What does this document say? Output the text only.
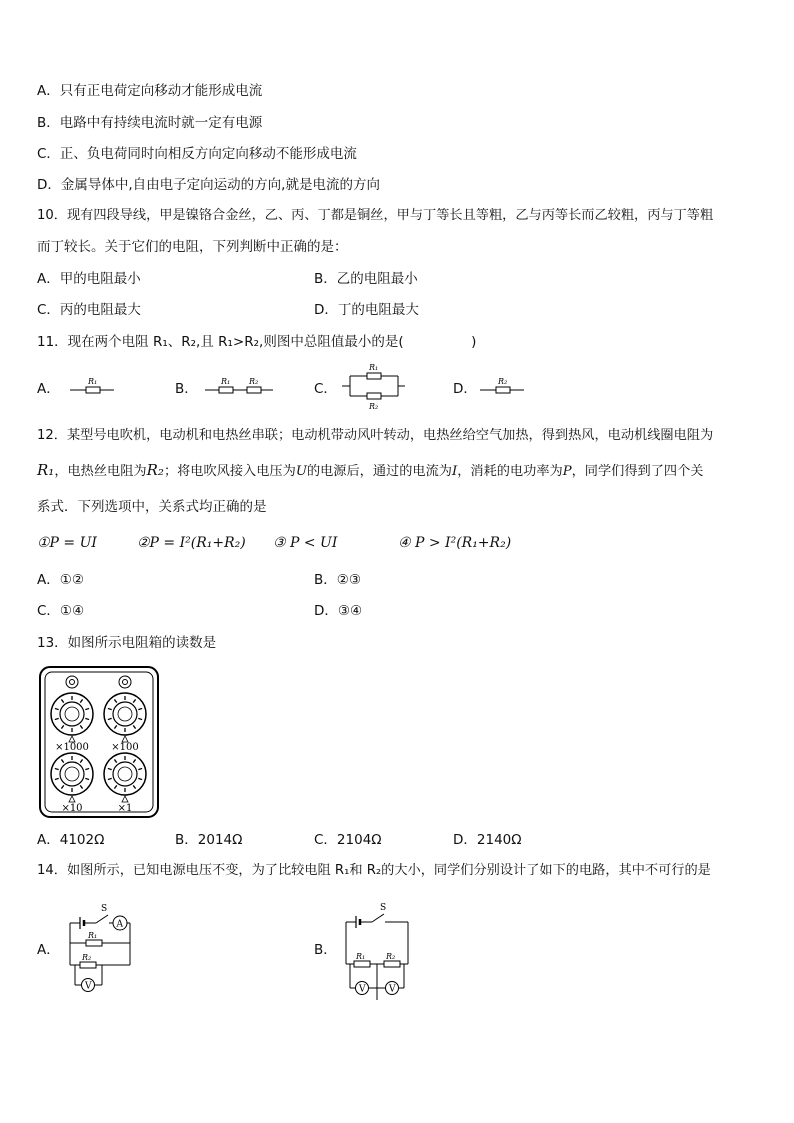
A．只有正电荷定向移动才能形成电流
B．电路中有持续电流时就一定有电源
C．正、负电荷同时向相反方向定向移动不能形成电流
D．金属导体中,自由电子定向运动的方向,就是电流的方向
10．现有四段导线，甲是镍铬合金丝，乙、丙、丁都是铜丝，甲与丁等长且等粗，乙与丙等长而乙较粗，丙与丁等粗
而丁较长。关于它们的电阻，下列判断中正确的是：
A．甲的电阻最小	B．乙的电阻最小
C．丙的电阻最大	D．丁的电阻最大
11．现在两个电阻 R₁、R₂,且 R₁>R₂,则图中总阻值最小的是(　　　　　)
A．	R₁	B．	R₁ R₂	C．
R₁
R₂
D．	R₂
12．某型号电吹机，电动机和电热丝串联；电动机带动风叶转动，电热丝给空气加热，得到热风，电动机线圈电阻为
R₁，电热丝电阻为R₂；将电吹风接入电压为U的电源后，通过的电流为I，消耗的电功率为P，同学们得到了四个关
系式．下列选项中，关系式均正确的是
①P = UI	②P = I²(R₁+R₂) ③ P < UI	④ P > I²(R₁+R₂)
A．①②	B．②③
C．①④	D．③④
13．如图所示电阻箱的读数是
×1000 ×100
×10	×1
A．4102Ω	B．2014Ω	C．2104Ω	D．2140Ω
14．如图所示，已知电源电压不变，为了比较电阻 R₁和 R₂的大小，同学们分别设计了如下的电路，其中不可行的是
A．
S
A
R₁
R₂
V
B．
S
R₁	R₂
V	V
